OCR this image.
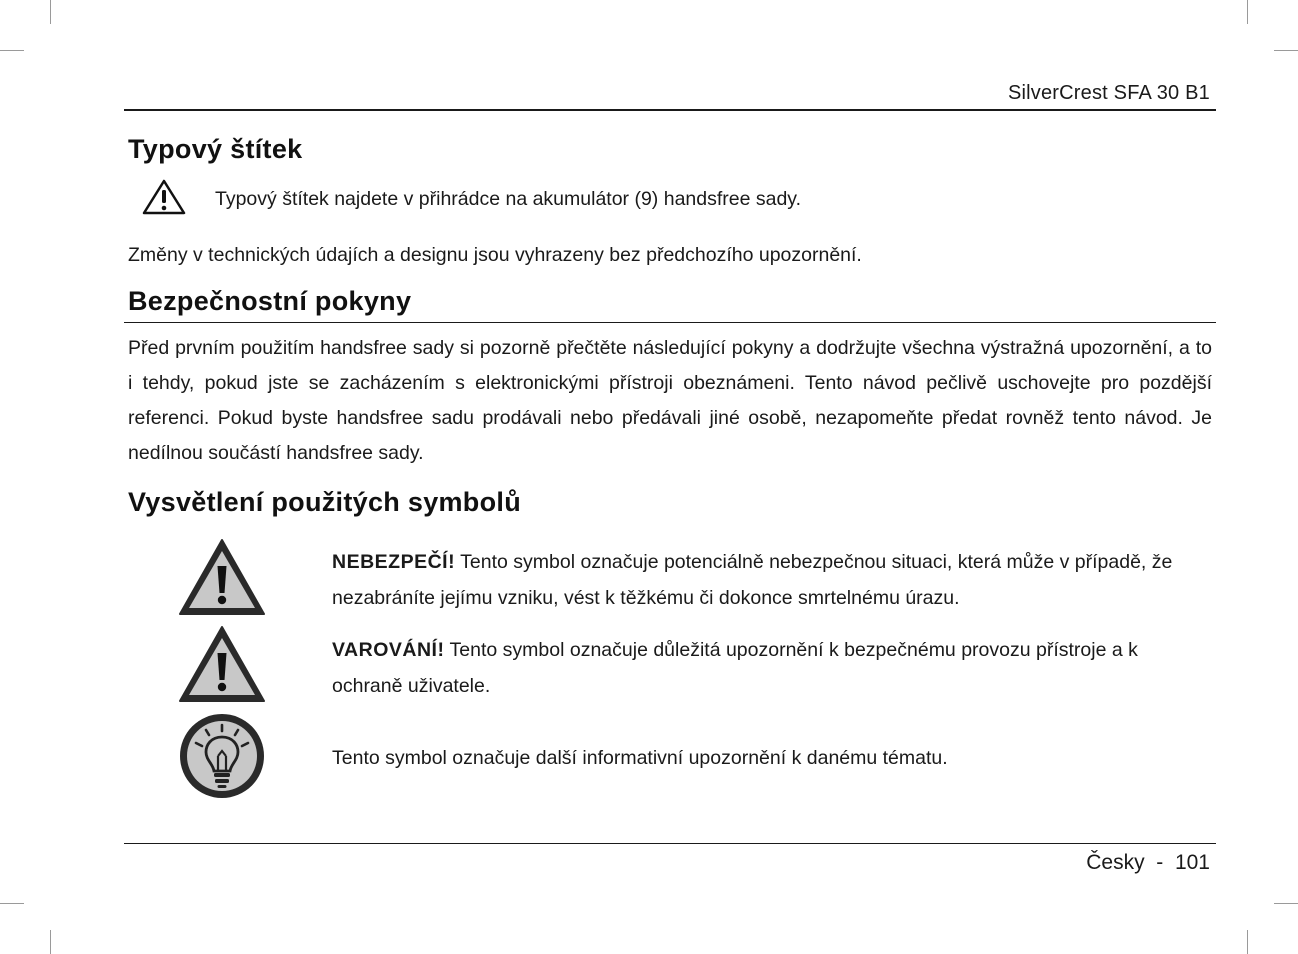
SilverCrest SFA 30 B1
Typový štítek
Typový štítek najdete v přihrádce na akumulátor (9) handsfree sady.
Změny v technických údajích a designu jsou vyhrazeny bez předchozího upozornění.
Bezpečnostní pokyny
Před prvním použitím handsfree sady si pozorně přečtěte následující pokyny a dodržujte všechna výstražná upozornění, a to i tehdy, pokud jste se zacházením s elektronickými přístroji obeznámeni. Tento návod pečlivě uschovejte pro pozdější referenci. Pokud byste handsfree sadu prodávali nebo předávali jiné osobě, nezapomeňte předat rovněž tento návod. Je nedílnou součástí handsfree sady.
Vysvětlení použitých symbolů
NEBEZPEČÍ! Tento symbol označuje potenciálně nebezpečnou situaci, která může v případě, že nezabráníte jejímu vzniku, vést k těžkému či dokonce smrtelnému úrazu.
VAROVÁNÍ! Tento symbol označuje důležitá upozornění k bezpečnému provozu přístroje a k ochraně uživatele.
Tento symbol označuje další informativní upozornění k danému tématu.
Česky - 101
